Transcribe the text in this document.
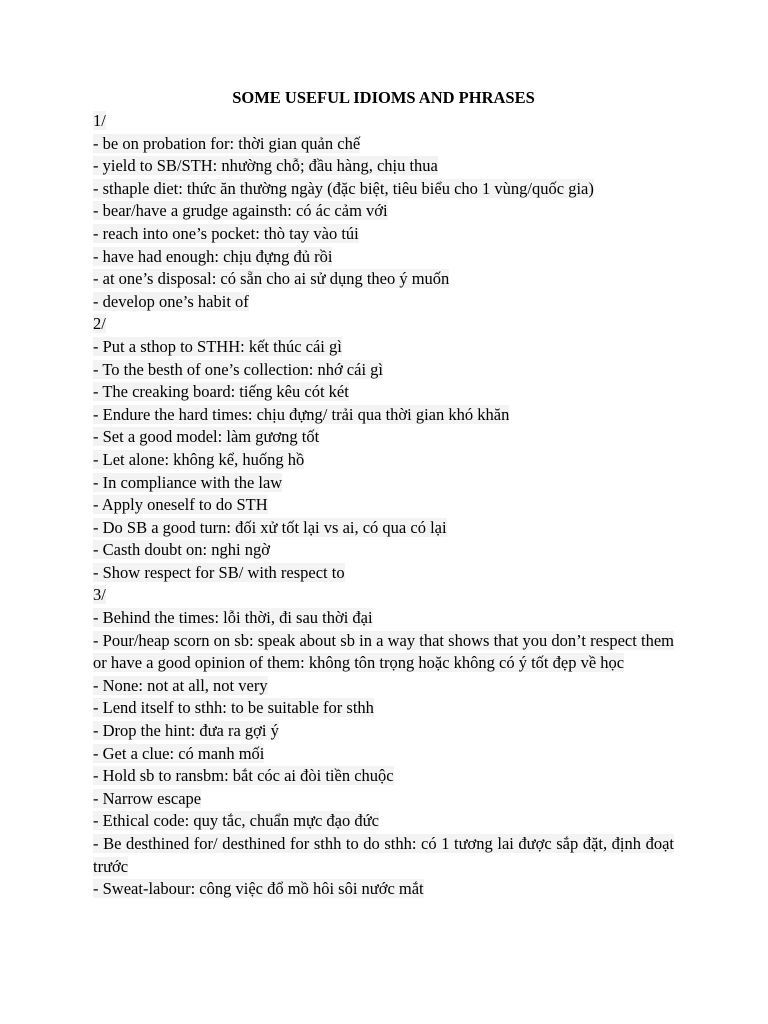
SOME USEFUL IDIOMS AND PHRASES

1/

- be on probation for: thời gian quản chế

- yield to SB/STH: nhường chỗ; đầu hàng, chịu thua

- sthaple diet: thức ăn thường ngày (đặc biệt, tiêu biểu cho 1 vùng/quốc gia)

- bear/have a grudge againsth: có ác cảm với

- reach into one’s pocket: thò tay vào túi

- have had enough: chịu đựng đủ rồi

- at one’s disposal: có sẵn cho ai sử dụng theo ý muốn

- develop one’s habit of

2/

- Put a sthop to STHH: kết thúc cái gì

- To the besth of one’s collection: nhớ cái gì

- The creaking board: tiếng kêu cót két

- Endure the hard times: chịu đựng/ trải qua thời gian khó khăn

- Set a good model: làm gương tốt

- Let alone: không kể, huống hồ

- In compliance with the law

- Apply oneself to do STH

- Do SB a good turn: đối xử tốt lại vs ai, có qua có lại

- Casth doubt on: nghi ngờ

- Show respect for SB/ with respect to

3/

- Behind the times: lỗi thời, đi sau thời đại

- Pour/heap scorn on sb: speak about sb in a way that shows that you don’t respect them or have a good opinion of them: không tôn trọng hoặc không có ý tốt đẹp về học

- None: not at all, not very

- Lend itself to sthh: to be suitable for sthh

- Drop the hint: đưa ra gợi ý

- Get a clue: có manh mối

- Hold sb to ransbm: bắt cóc ai đòi tiền chuộc

- Narrow escape

- Ethical code: quy tắc, chuẩn mực đạo đức

- Be desthined for/ desthined for sthh to do sthh: có 1 tương lai được sắp đặt, định đoạt trước

- Sweat-labour: công việc đổ mồ hôi sôi nước mắt
